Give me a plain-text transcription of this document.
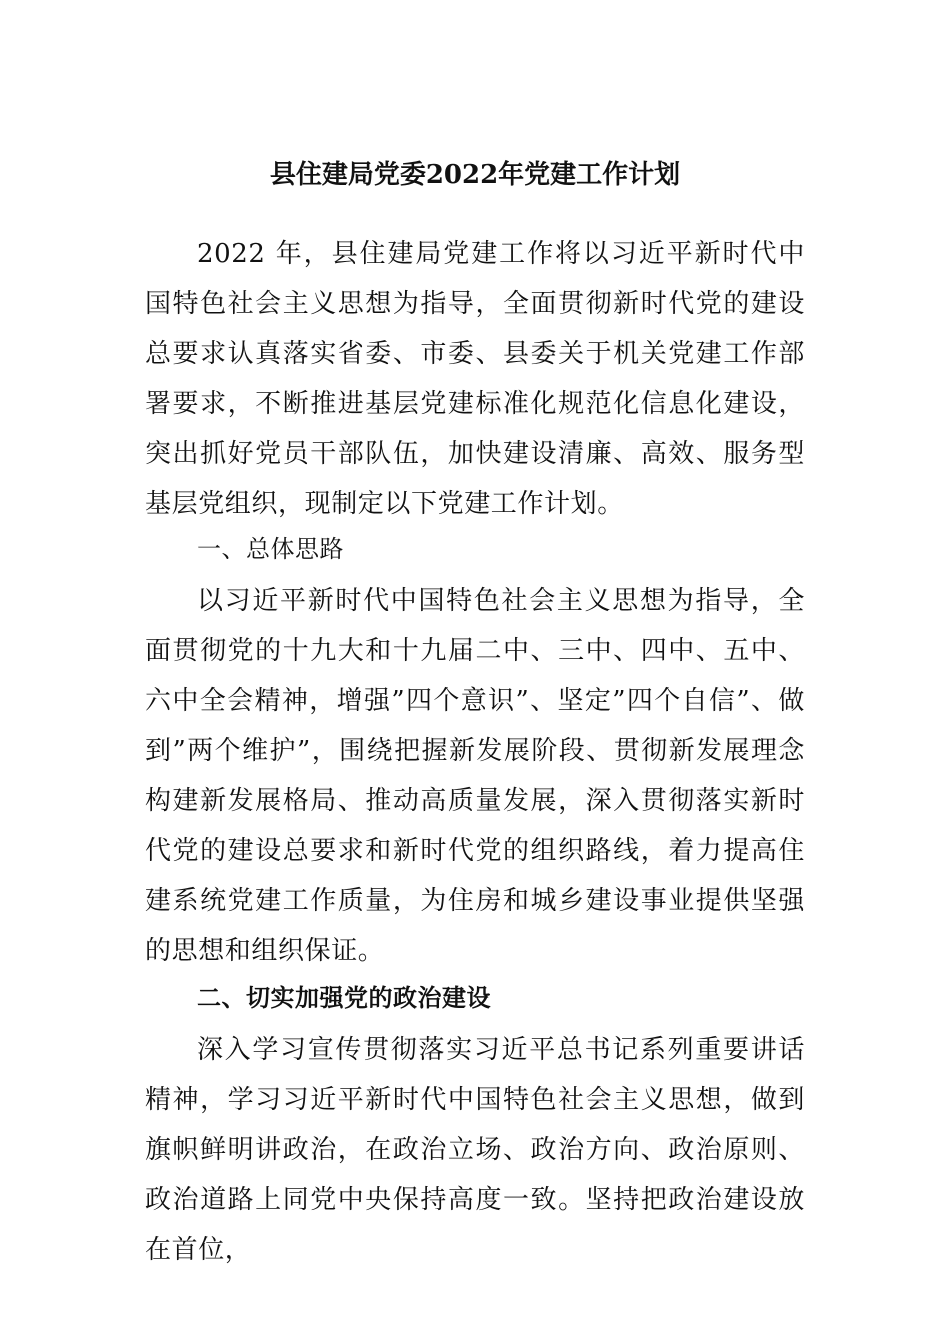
县住建局党委2022年党建工作计划

2022 年，县住建局党建工作将以习近平新时代中国特色社会主义思想为指导，全面贯彻新时代党的建设总要求认真落实省委、市委、县委关于机关党建工作部署要求，不断推进基层党建标准化规范化信息化建设，突出抓好党员干部队伍，加快建设清廉、高效、服务型基层党组织，现制定以下党建工作计划。

一、总体思路

以习近平新时代中国特色社会主义思想为指导，全面贯彻党的十九大和十九届二中、三中、四中、五中、六中全会精神，增强”四个意识”、坚定”四个自信”、做到”两个维护”，围绕把握新发展阶段、贯彻新发展理念构建新发展格局、推动高质量发展，深入贯彻落实新时代党的建设总要求和新时代党的组织路线，着力提高住建系统党建工作质量，为住房和城乡建设事业提供坚强的思想和组织保证。

二、切实加强党的政治建设

深入学习宣传贯彻落实习近平总书记系列重要讲话精神，学习习近平新时代中国特色社会主义思想，做到旗帜鲜明讲政治，在政治立场、政治方向、政治原则、政治道路上同党中央保持高度一致。坚持把政治建设放在首位，
